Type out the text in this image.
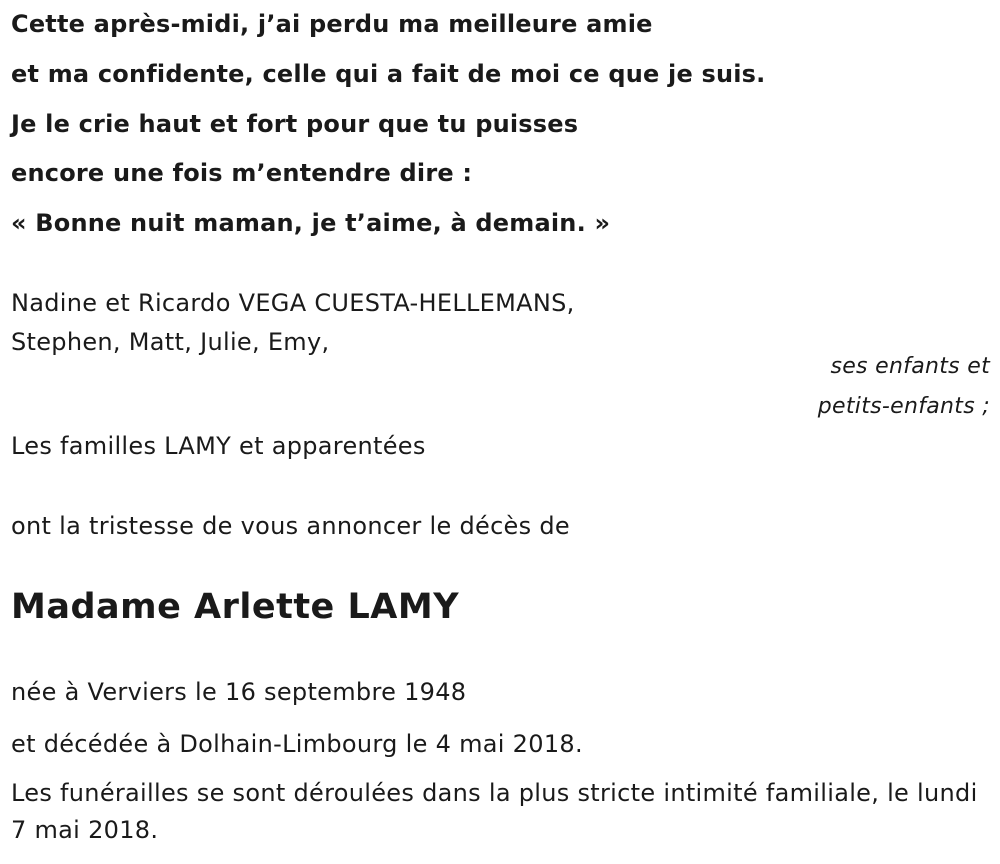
Cette après-midi, j’ai perdu ma meilleure amie
et ma confidente, celle qui a fait de moi ce que je suis.
Je le crie haut et fort pour que tu puisses
encore une fois m’entendre dire :
« Bonne nuit maman, je t’aime, à demain. »
Nadine et Ricardo VEGA CUESTA-HELLEMANS,
Stephen, Matt, Julie, Emy,
ses enfants et
petits-enfants ;
Les familles LAMY et apparentées
ont la tristesse de vous annoncer le décès de
Madame Arlette LAMY
née à Verviers le 16 septembre 1948
et décédée à Dolhain-Limbourg le 4 mai 2018.
Les funérailles se sont déroulées dans la plus stricte intimité familiale, le lundi 7 mai 2018.
